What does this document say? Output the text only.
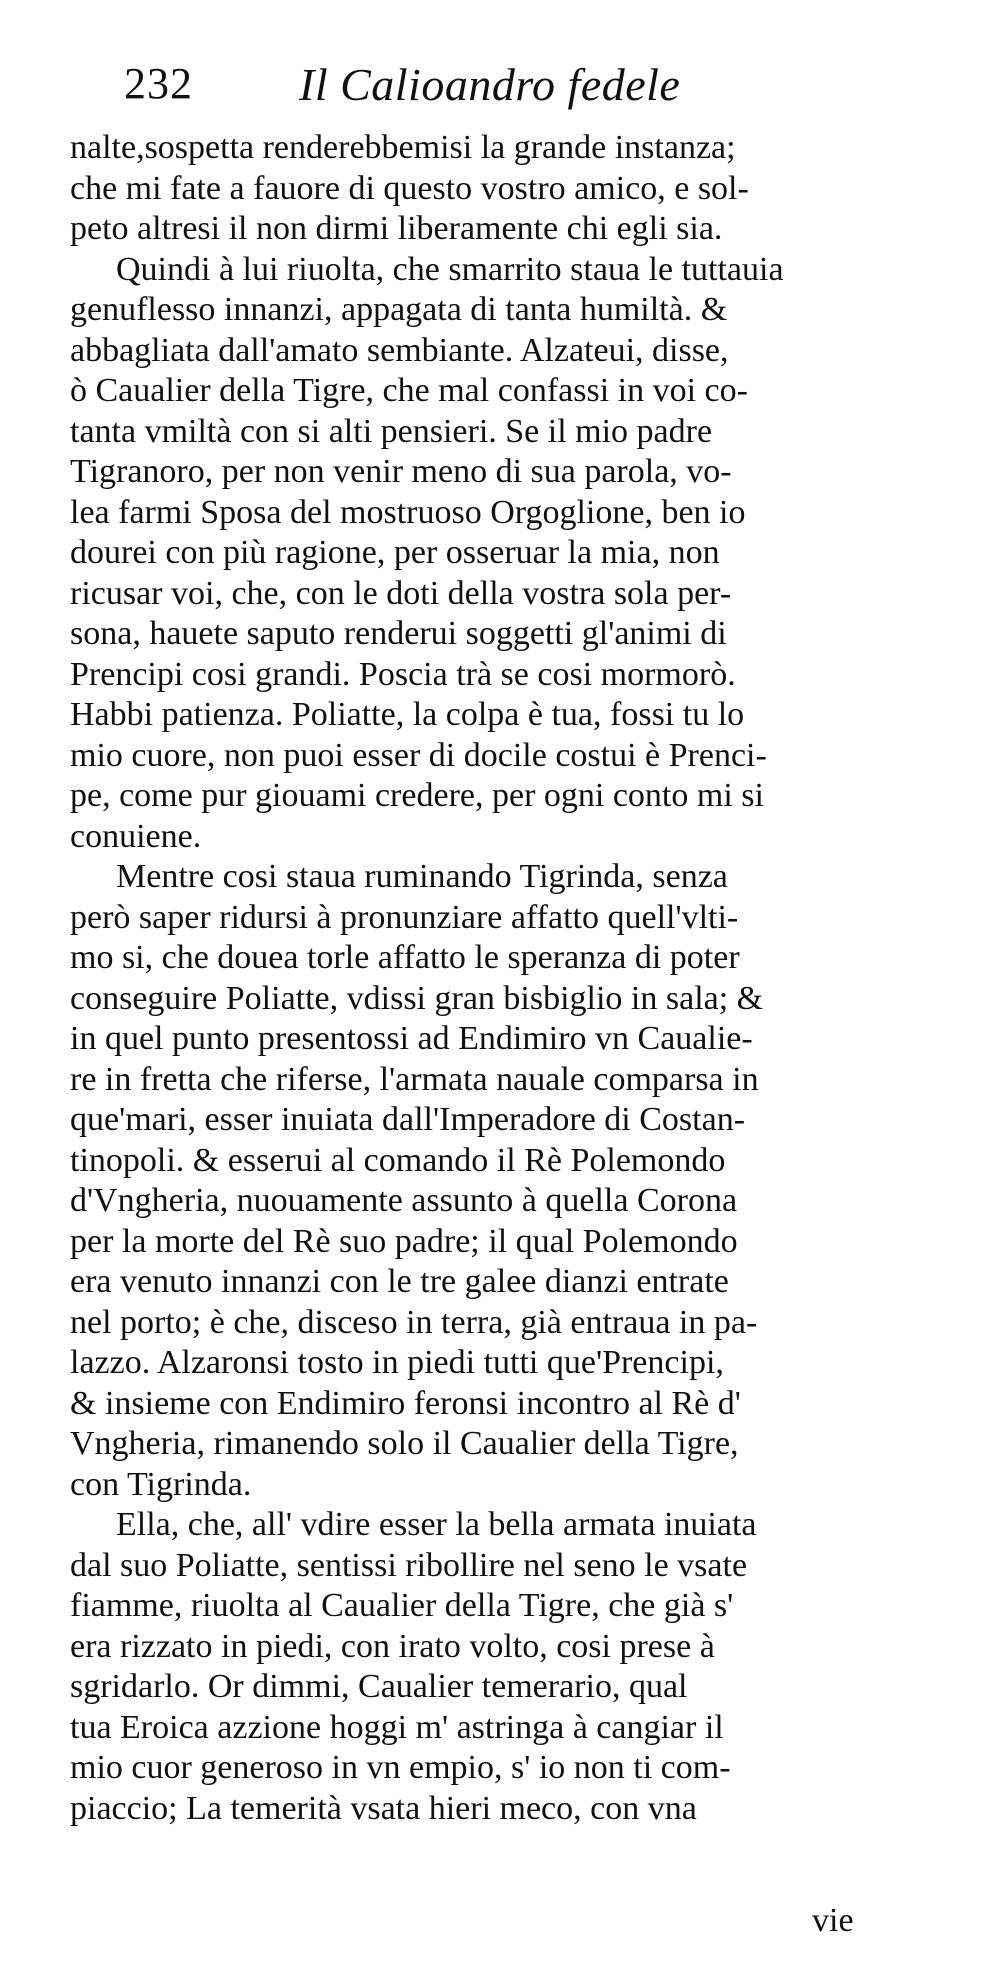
232 Il Calioandro fedele
nalte,sospetta renderebbemisi la grande instanza;
che mi fate a fauore di questo vostro amico, e sol-
peto altresi il non dirmi liberamente chi egli sia.
Quindi à lui riuolta, che smarrito staua le tuttauia
genuflesso innanzi, appagata di tanta humiltà. &
abbagliata dall'amato sembiante. Alzateui, disse,
ò Caualier della Tigre, che mal confassi in voi co-
tanta vmiltà con si alti pensieri. Se il mio padre
Tigranoro, per non venir meno di sua parola, vo-
lea farmi Sposa del mostruoso Orgoglione, ben io
dourei con più ragione, per osseruar la mia, non
ricusar voi, che, con le doti della vostra sola per-
sona, hauete saputo renderui soggetti gl'animi di
Prencipi cosi grandi. Poscia trà se cosi mormorò.
Habbi patienza. Poliatte, la colpa è tua, fossi tu lo
mio cuore, non puoi esser di docile costui è Prenci-
pe, come pur giouami credere, per ogni conto mi si
conuiene.
Mentre cosi staua ruminando Tigrinda, senza
però saper ridursi à pronunziare affatto quell'vlti-
mo si, che douea torle affatto le speranza di poter
conseguire Poliatte, vdissi gran bisbiglio in sala; &
in quel punto presentossi ad Endimiro vn Caualie-
re in fretta che riferse, l'armata nauale comparsa in
que'mari, esser inuiata dall'Imperadore di Costan-
tinopoli. & esserui al comando il Rè Polemondo
d'Vngheria, nuouamente assunto à quella Corona
per la morte del Rè suo padre; il qual Polemondo
era venuto innanzi con le tre galee dianzi entrate
nel porto; è che, disceso in terra, già entraua in pa-
lazzo. Alzaronsi tosto in piedi tutti que'Prencipi,
& insieme con Endimiro feronsi incontro al Rè d'
Vngheria, rimanendo solo il Caualier della Tigre,
con Tigrinda.
Ella, che, all' vdire esser la bella armata inuiata
dal suo Poliatte, sentissi ribollire nel seno le vsate
fiamme, riuolta al Caualier della Tigre, che già s'
era rizzato in piedi, con irato volto, cosi prese à
sgridarlo. Or dimmi, Caualier temerario, qual
tua Eroica azzione hoggi m' astringa à cangiar il
mio cuor generoso in vn empio, s' io non ti com-
piaccio; La temerità vsata hieri meco, con vna
vie
